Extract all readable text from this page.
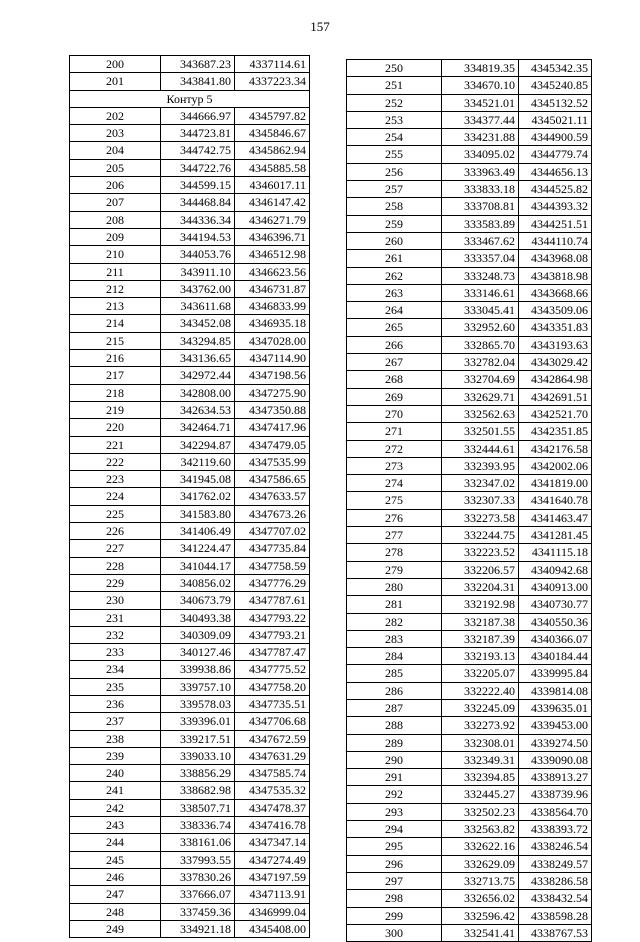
157
200	343687.23	4337114.61
201	343841.80	4337223.34
Контур 5		
202	344666.97	4345797.82
203	344723.81	4345846.67
204	344742.75	4345862.94
205	344722.76	4345885.58
206	344599.15	4346017.11
207	344468.84	4346147.42
208	344336.34	4346271.79
209	344194.53	4346396.71
210	344053.76	4346512.98
211	343911.10	4346623.56
212	343762.00	4346731.87
213	343611.68	4346833.99
214	343452.08	4346935.18
215	343294.85	4347028.00
216	343136.65	4347114.90
217	342972.44	4347198.56
218	342808.00	4347275.90
219	342634.53	4347350.88
220	342464.71	4347417.96
221	342294.87	4347479.05
222	342119.60	4347535.99
223	341945.08	4347586.65
224	341762.02	4347633.57
225	341583.80	4347673.26
226	341406.49	4347707.02
227	341224.47	4347735.84
228	341044.17	4347758.59
229	340856.02	4347776.29
230	340673.79	4347787.61
231	340493.38	4347793.22
232	340309.09	4347793.21
233	340127.46	4347787.47
234	339938.86	4347775.52
235	339757.10	4347758.20
236	339578.03	4347735.51
237	339396.01	4347706.68
238	339217.51	4347672.59
239	339033.10	4347631.29
240	338856.29	4347585.74
241	338682.98	4347535.32
242	338507.71	4347478.37
243	338336.74	4347416.78
244	338161.06	4347347.14
245	337993.55	4347274.49
246	337830.26	4347197.59
247	337666.07	4347113.91
248	337459.36	4346999.04
249	334921.18	4345408.00
250	334819.35	4345342.35
251	334670.10	4345240.85
252	334521.01	4345132.52
253	334377.44	4345021.11
254	334231.88	4344900.59
255	334095.02	4344779.74
256	333963.49	4344656.13
257	333833.18	4344525.82
258	333708.81	4344393.32
259	333583.89	4344251.51
260	333467.62	4344110.74
261	333357.04	4343968.08
262	333248.73	4343818.98
263	333146.61	4343668.66
264	333045.41	4343509.06
265	332952.60	4343351.83
266	332865.70	4343193.63
267	332782.04	4343029.42
268	332704.69	4342864.98
269	332629.71	4342691.51
270	332562.63	4342521.70
271	332501.55	4342351.85
272	332444.61	4342176.58
273	332393.95	4342002.06
274	332347.02	4341819.00
275	332307.33	4341640.78
276	332273.58	4341463.47
277	332244.75	4341281.45
278	332223.52	4341115.18
279	332206.57	4340942.68
280	332204.31	4340913.00
281	332192.98	4340730.77
282	332187.38	4340550.36
283	332187.39	4340366.07
284	332193.13	4340184.44
285	332205.07	4339995.84
286	332222.40	4339814.08
287	332245.09	4339635.01
288	332273.92	4339453.00
289	332308.01	4339274.50
290	332349.31	4339090.08
291	332394.85	4338913.27
292	332445.27	4338739.96
293	332502.23	4338564.70
294	332563.82	4338393.72
295	332622.16	4338246.54
296	332629.09	4338249.57
297	332713.75	4338286.58
298	332656.02	4338432.54
299	332596.42	4338598.28
300	332541.41	4338767.53
